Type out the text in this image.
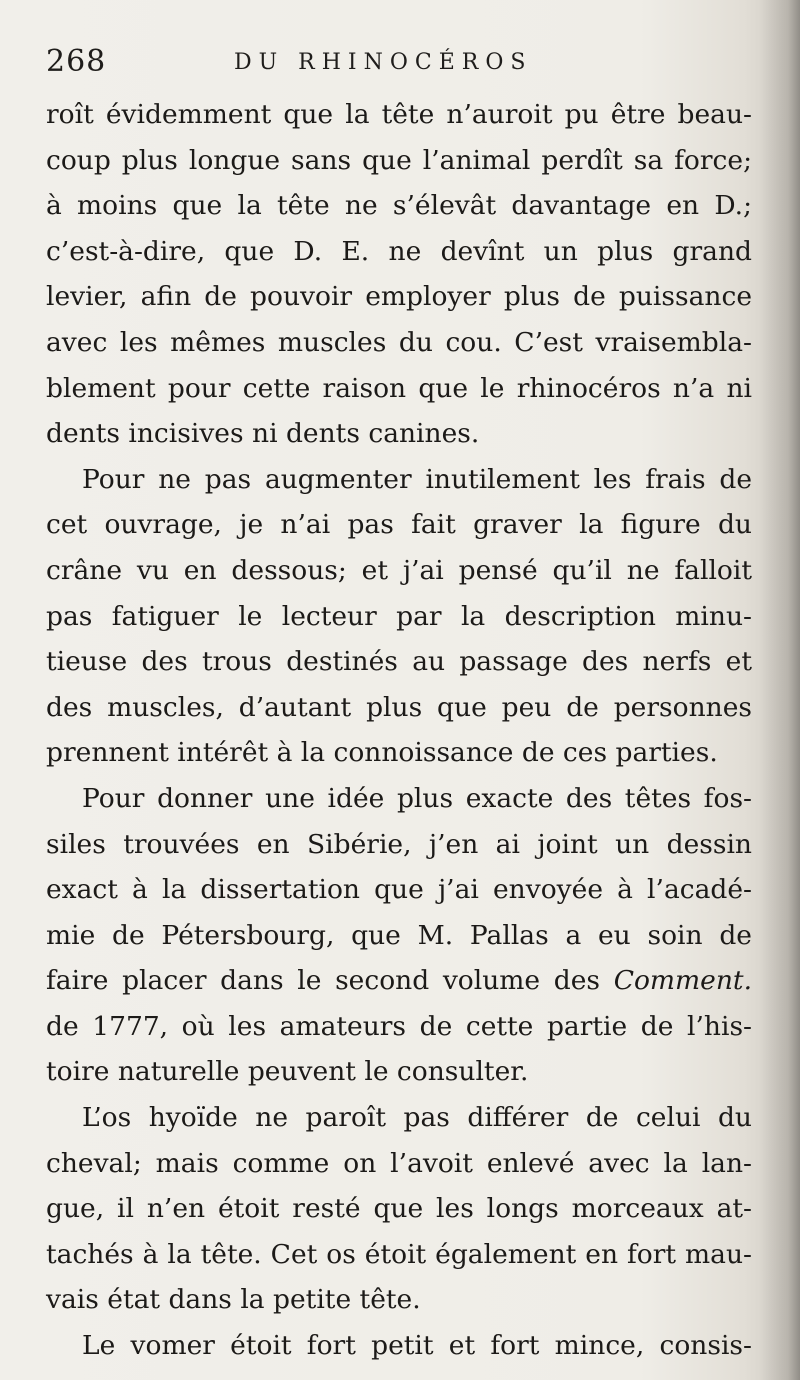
268	DU RHINOCÉROS
roît évidemment que la tête n’auroit pu être beau-
coup plus longue sans que l’animal perdît sa force;
à moins que la tête ne s’élevât davantage en D.;
c’est-à-dire, que D. E. ne devînt un plus grand
levier, afin de pouvoir employer plus de puissance
avec les mêmes muscles du cou. C’est vraisembla-
blement pour cette raison que le rhinocéros n’a ni
dents incisives ni dents canines.
Pour ne pas augmenter inutilement les frais de
cet ouvrage, je n’ai pas fait graver la figure du
crâne vu en dessous; et j’ai pensé qu’il ne falloit
pas fatiguer le lecteur par la description minu-
tieuse des trous destinés au passage des nerfs et
des muscles, d’autant plus que peu de personnes
prennent intérêt à la connoissance de ces parties.
Pour donner une idée plus exacte des têtes fos-
siles trouvées en Sibérie, j’en ai joint un dessin
exact à la dissertation que j’ai envoyée à l’acadé-
mie de Pétersbourg, que M. Pallas a eu soin de
faire placer dans le second volume des Comment.
de 1777, où les amateurs de cette partie de l’his-
toire naturelle peuvent le consulter.
L’os hyoïde ne paroît pas différer de celui du
cheval; mais comme on l’avoit enlevé avec la lan-
gue, il n’en étoit resté que les longs morceaux at-
tachés à la tête. Cet os étoit également en fort mau-
vais état dans la petite tête.
Le vomer étoit fort petit et fort mince, consis-
